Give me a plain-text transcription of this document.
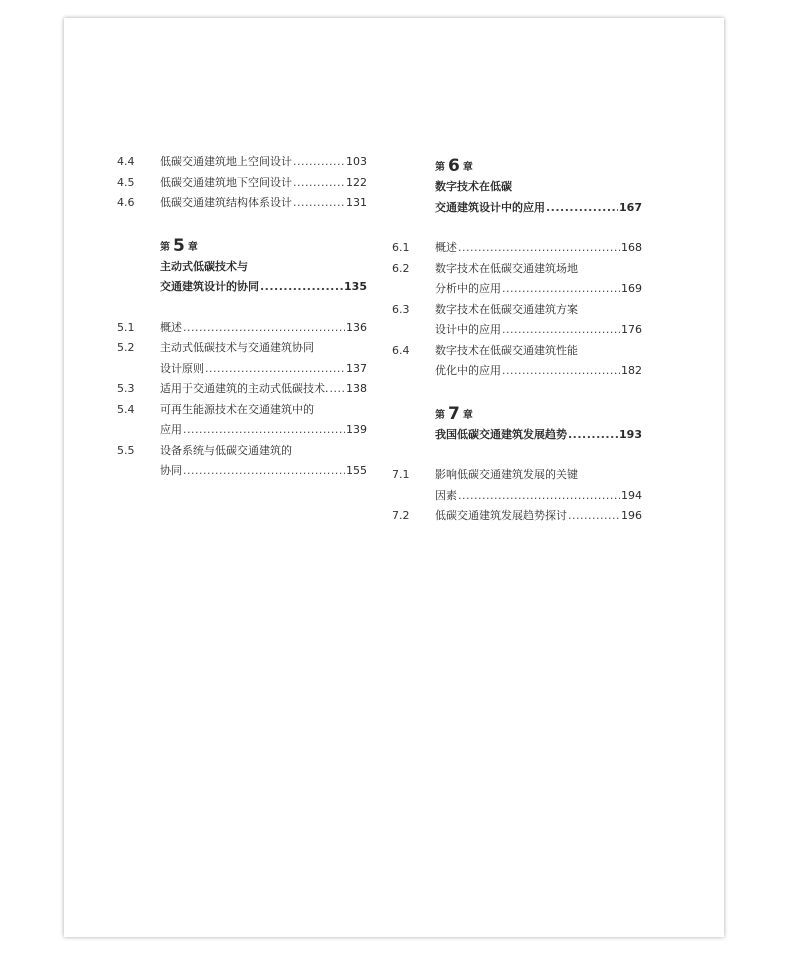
4.4	低碳交通建筑地上空间设计 .....	103
4.5	低碳交通建筑地下空间设计 .....	122
4.6	低碳交通建筑结构体系设计 .....	131
第 5 章
主动式低碳技术与
交通建筑设计的协同 .....	135
5.1	概述 .....	136
5.2	主动式低碳技术与交通建筑协同
设计原则 .....	137
5.3	适用于交通建筑的主动式低碳技术. ..... 138
5.4	可再生能源技术在交通建筑中的
应用 .....	139
5.5	设备系统与低碳交通建筑的
协同 .....	155
第 6 章
数字技术在低碳
交通建筑设计中的应用 .....	167
6.1	概述 .....	168
6.2	数字技术在低碳交通建筑场地
分析中的应用 .....	169
6.3	数字技术在低碳交通建筑方案
设计中的应用 .....	176
6.4	数字技术在低碳交通建筑性能
优化中的应用 .....	182
第 7 章
我国低碳交通建筑发展趋势 .....	193
7.1	影响低碳交通建筑发展的关键
因素 .....	194
7.2	低碳交通建筑发展趋势探讨 .....	196
